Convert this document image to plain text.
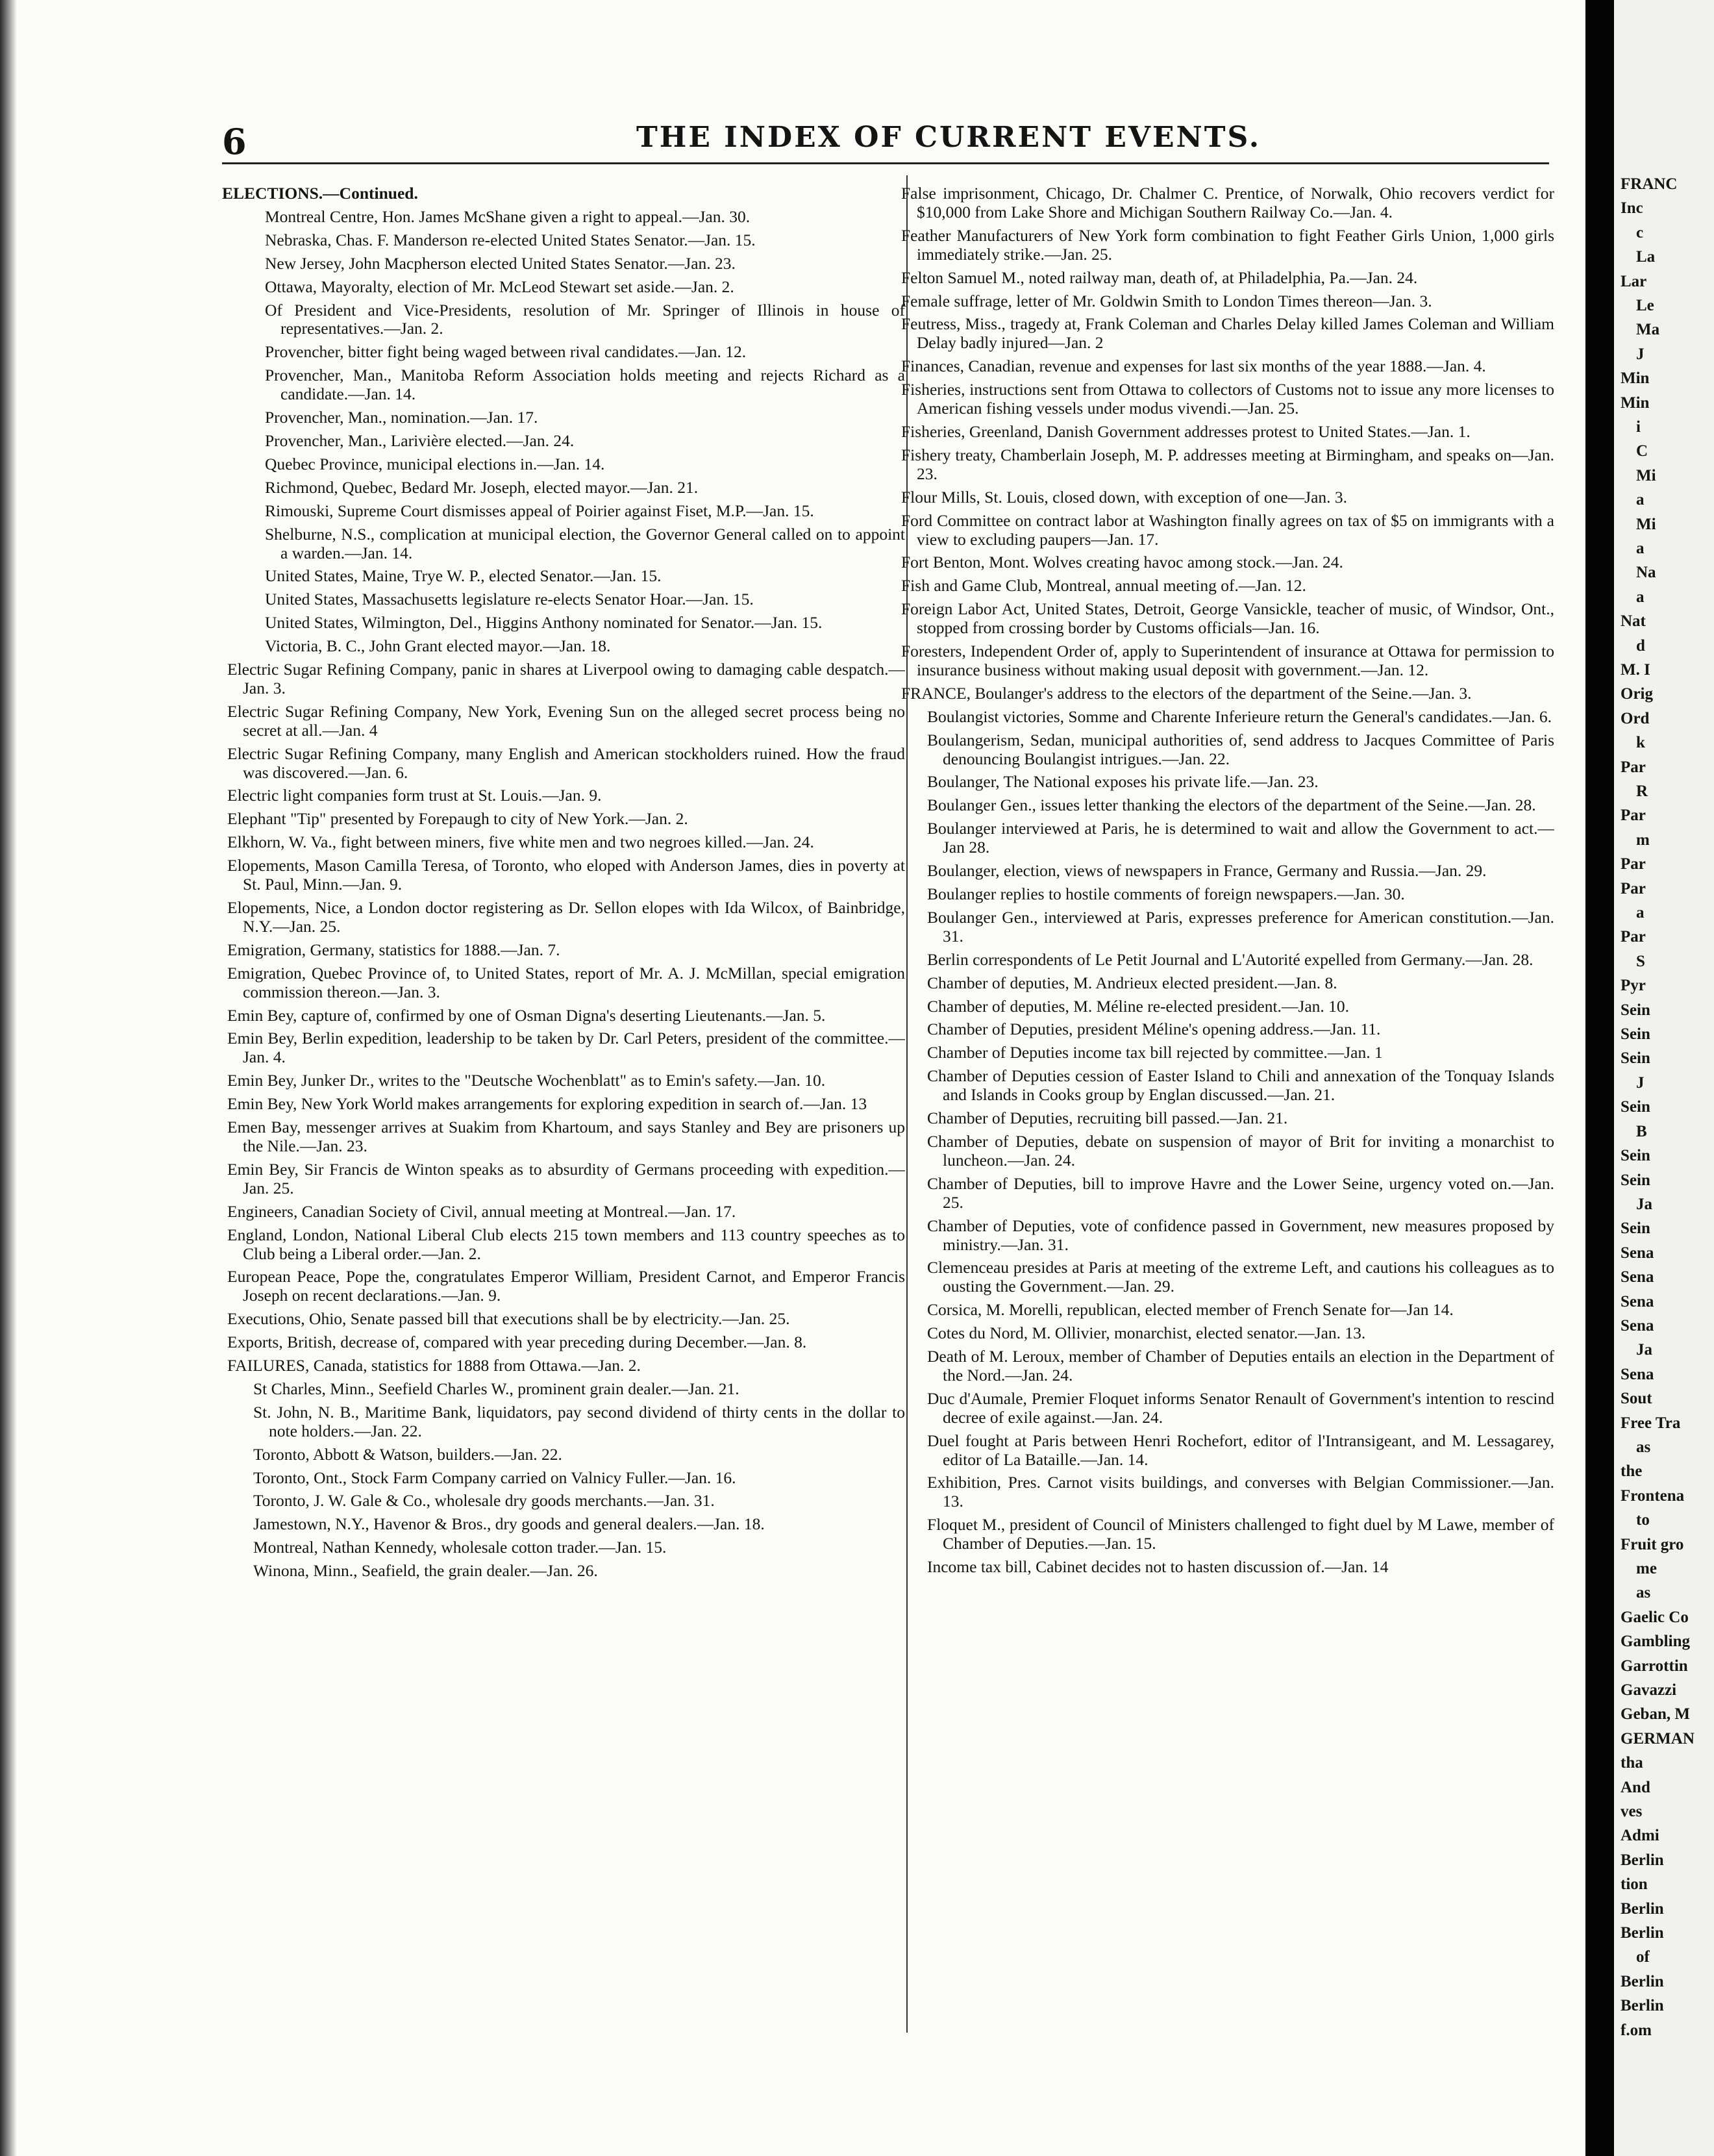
6	THE INDEX OF CURRENT EVENTS.
ELECTIONS.—Continued.
Montreal Centre, Hon. James McShane given a right to appeal.—Jan. 30.
Nebraska, Chas. F. Manderson re-elected United States Senator.—Jan. 15.
New Jersey, John Macpherson elected United States Senator.—Jan. 23.
Ottawa, Mayoralty, election of Mr. McLeod Stewart set aside.—Jan. 2.
Of President and Vice-Presidents, resolution of Mr. Springer of Illinois in house of representatives.—Jan. 2.
Provencher, bitter fight being waged between rival candidates.—Jan. 12.
Provencher, Man., Manitoba Reform Association holds meeting and rejects Richard as a candidate.—Jan. 14.
Provencher, Man., nomination.—Jan. 17.
Provencher, Man., Larivière elected.—Jan. 24.
Quebec Province, municipal elections in.—Jan. 14.
Richmond, Quebec, Bedard Mr. Joseph, elected mayor.—Jan. 21.
Rimouski, Supreme Court dismisses appeal of Poirier against Fiset, M.P.—Jan. 15.
Shelburne, N.S., complication at municipal election, the Governor General called on to appoint a warden.—Jan. 14.
United States, Maine, Trye W. P., elected Senator.—Jan. 15.
United States, Massachusetts legislature re-elects Senator Hoar.—Jan. 15.
United States, Wilmington, Del., Higgins Anthony nominated for Senator.—Jan. 15.
Victoria, B. C., John Grant elected mayor.—Jan. 18.
Electric Sugar Refining Company, panic in shares at Liverpool owing to damaging cable despatch.—Jan. 3.
Electric Sugar Refining Company, New York, Evening Sun on the alleged secret process being no secret at all.—Jan. 4
Electric Sugar Refining Company, many English and American stockholders ruined. How the fraud was discovered.—Jan. 6.
Electric light companies form trust at St. Louis.—Jan. 9.
Elephant "Tip" presented by Forepaugh to city of New York.—Jan. 2.
Elkhorn, W. Va., fight between miners, five white men and two negroes killed.—Jan. 24.
Elopements, Mason Camilla Teresa, of Toronto, who eloped with Anderson James, dies in poverty at St. Paul, Minn.—Jan. 9.
Elopements, Nice, a London doctor registering as Dr. Sellon elopes with Ida Wilcox, of Bainbridge, N.Y.—Jan. 25.
Emigration, Germany, statistics for 1888.—Jan. 7.
Emigration, Quebec Province of, to United States, report of Mr. A. J. McMillan, special emigration commission thereon.—Jan. 3.
Emin Bey, capture of, confirmed by one of Osman Digna's deserting Lieutenants.—Jan. 5.
Emin Bey, Berlin expedition, leadership to be taken by Dr. Carl Peters, president of the committee.—Jan. 4.
Emin Bey, Junker Dr., writes to the "Deutsche Wochenblatt" as to Emin's safety.—Jan. 10.
Emin Bey, New York World makes arrangements for exploring expedition in search of.—Jan. 13
Emen Bay, messenger arrives at Suakim from Khartoum, and says Stanley and Bey are prisoners up the Nile.—Jan. 23.
Emin Bey, Sir Francis de Winton speaks as to absurdity of Germans proceeding with expedition.—Jan. 25.
Engineers, Canadian Society of Civil, annual meeting at Montreal.—Jan. 17.
England, London, National Liberal Club elects 215 town members and 113 country speeches as to Club being a Liberal order.—Jan. 2.
European Peace, Pope the, congratulates Emperor William, President Carnot, and Emperor Francis Joseph on recent declarations.—Jan. 9.
Executions, Ohio, Senate passed bill that executions shall be by electricity.—Jan. 25.
Exports, British, decrease of, compared with year preceding during December.—Jan. 8.
FAILURES, Canada, statistics for 1888 from Ottawa.—Jan. 2.
St Charles, Minn., Seefield Charles W., prominent grain dealer.—Jan. 21.
St. John, N. B., Maritime Bank, liquidators, pay second dividend of thirty cents in the dollar to note holders.—Jan. 22.
Toronto, Abbott & Watson, builders.—Jan. 22.
Toronto, Ont., Stock Farm Company carried on Valnicy Fuller.—Jan. 16.
Toronto, J. W. Gale & Co., wholesale dry goods merchants.—Jan. 31.
Jamestown, N.Y., Havenor & Bros., dry goods and general dealers.—Jan. 18.
Montreal, Nathan Kennedy, wholesale cotton trader.—Jan. 15.
Winona, Minn., Seafield, the grain dealer.—Jan. 26.
False imprisonment, Chicago, Dr. Chalmer C. Prentice, of Norwalk, Ohio recovers verdict for $10,000 from Lake Shore and Michigan Southern Railway Co.—Jan. 4.
Feather Manufacturers of New York form combination to fight Feather Girls Union, 1,000 girls immediately strike.—Jan. 25.
Felton Samuel M., noted railway man, death of, at Philadelphia, Pa.—Jan. 24.
Female suffrage, letter of Mr. Goldwin Smith to London Times thereon—Jan. 3.
Feutress, Miss., tragedy at, Frank Coleman and Charles Delay killed James Coleman and William Delay badly injured—Jan. 2
Finances, Canadian, revenue and expenses for last six months of the year 1888.—Jan. 4.
Fisheries, instructions sent from Ottawa to collectors of Customs not to issue any more licenses to American fishing vessels under modus vivendi.—Jan. 25.
Fisheries, Greenland, Danish Government addresses protest to United States.—Jan. 1.
Fishery treaty, Chamberlain Joseph, M. P. addresses meeting at Birmingham, and speaks on—Jan. 23.
Flour Mills, St. Louis, closed down, with exception of one—Jan. 3.
Ford Committee on contract labor at Washington finally agrees on tax of $5 on immigrants with a view to excluding paupers—Jan. 17.
Fort Benton, Mont. Wolves creating havoc among stock.—Jan. 24.
Fish and Game Club, Montreal, annual meeting of.—Jan. 12.
Foreign Labor Act, United States, Detroit, George Vansickle, teacher of music, of Windsor, Ont., stopped from crossing border by Customs officials—Jan. 16.
Foresters, Independent Order of, apply to Superintendent of insurance at Ottawa for permission to insurance business without making usual deposit with government.—Jan. 12.
FRANCE, Boulanger's address to the electors of the department of the Seine.—Jan. 3.
Boulangist victories, Somme and Charente Inferieure return the General's candidates.—Jan. 6.
Boulangerism, Sedan, municipal authorities of, send address to Jacques Committee of Paris denouncing Boulangist intrigues.—Jan. 22.
Boulanger, The National exposes his private life.—Jan. 23.
Boulanger Gen., issues letter thanking the electors of the department of the Seine.—Jan. 28.
Boulanger interviewed at Paris, he is determined to wait and allow the Government to act.—Jan 28.
Boulanger, election, views of newspapers in France, Germany and Russia.—Jan. 29.
Boulanger replies to hostile comments of foreign newspapers.—Jan. 30.
Boulanger Gen., interviewed at Paris, expresses preference for American constitution.—Jan. 31.
Berlin correspondents of Le Petit Journal and L'Autorité expelled from Germany.—Jan. 28.
Chamber of deputies, M. Andrieux elected president.—Jan. 8.
Chamber of deputies, M. Méline re-elected president.—Jan. 10.
Chamber of Deputies, president Méline's opening address.—Jan. 11.
Chamber of Deputies income tax bill rejected by committee.—Jan. 1
Chamber of Deputies cession of Easter Island to Chili and annexation of the Tonquay Islands and Islands in Cooks group by Englan discussed.—Jan. 21.
Chamber of Deputies, recruiting bill passed.—Jan. 21.
Chamber of Deputies, debate on suspension of mayor of Brit for inviting a monarchist to luncheon.—Jan. 24.
Chamber of Deputies, bill to improve Havre and the Lower Seine, urgency voted on.—Jan. 25.
Chamber of Deputies, vote of confidence passed in Government, new measures proposed by ministry.—Jan. 31.
Clemenceau presides at Paris at meeting of the extreme Left, and cautions his colleagues as to ousting the Government.—Jan. 29.
Corsica, M. Morelli, republican, elected member of French Senate for—Jan 14.
Cotes du Nord, M. Ollivier, monarchist, elected senator.—Jan. 13.
Death of M. Leroux, member of Chamber of Deputies entails an election in the Department of the Nord.—Jan. 24.
Duc d'Aumale, Premier Floquet informs Senator Renault of Government's intention to rescind decree of exile against.—Jan. 24.
Duel fought at Paris between Henri Rochefort, editor of l'Intransigeant, and M. Lessagarey, editor of La Bataille.—Jan. 14.
Exhibition, Pres. Carnot visits buildings, and converses with Belgian Commissioner.—Jan. 13.
Floquet M., president of Council of Ministers challenged to fight duel by M Lawe, member of Chamber of Deputies.—Jan. 15.
Income tax bill, Cabinet decides not to hasten discussion of.—Jan. 14
FRANC
Inc
c
La
Lar
Le
Ma
J
Min
Min
i
C
Mi
a
Mi
a
Na
a
Nat
d
M. I
Orig
Ord
k
Par
R
Par
m
Par
Par
a
Par
S
Pyr
Sein
Sein
Sein
J
Sein
B
Sein
Sein
Ja
Sein
Sena
Sena
Sena
Sena
Ja
Sena
Sout
Free Tra
as
the
Frontena
to
Fruit gro
me
as
Gaelic Co
Gambling
Garrottin
Gavazzi
Geban, M
GERMAN
tha
And
ves
Admi
Berlin
tion
Berlin
Berlin
of
Berlin
Berlin
f.om
